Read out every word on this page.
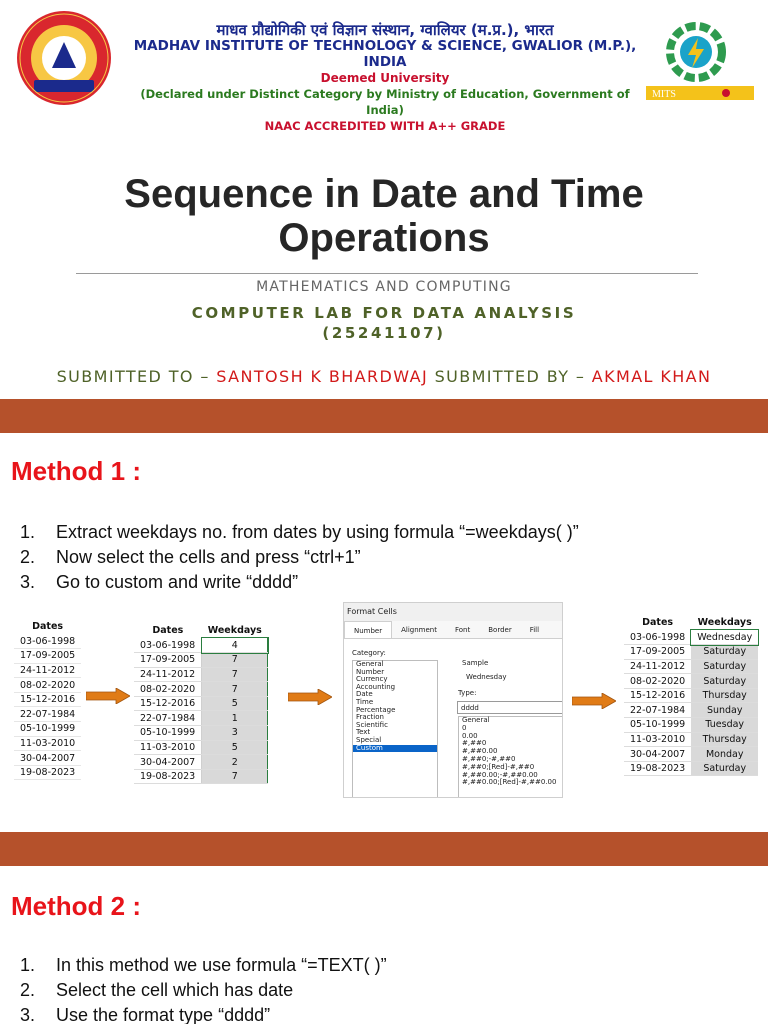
माधव प्रौद्योगिकी एवं विज्ञान संस्थान, ग्वालियर (म.प्र.), भारत
MADHAV INSTITUTE OF TECHNOLOGY & SCIENCE, GWALIOR (M.P.), INDIA
Deemed University
(Declared under Distinct Category by Ministry of Education, Government of India)
NAAC ACCREDITED WITH A++ GRADE
MITS
Sequence in Date and Time Operations
MATHEMATICS AND COMPUTING
COMPUTER LAB FOR DATA ANALYSIS
(25241107)
SUBMITTED TO – SANTOSH K BHARDWAJ SUBMITTED BY – AKMAL KHAN
Method 1 :
1. Extract weekdays no. from dates by using formula “=weekdays( )”
2. Now select the cells and press “ctrl+1”
3. Go to custom and write “dddd”
Dates
03-06-1998
17-09-2005
24-11-2012
08-02-2020
15-12-2016
22-07-1984
05-10-1999
11-03-2010
30-04-2007
19-08-2023
Dates	Weekdays
03-06-1998	4
17-09-2005	7
24-11-2012	7
08-02-2020	7
15-12-2016	5
22-07-1984	1
05-10-1999	3
11-03-2010	5
30-04-2007	2
19-08-2023	7
Format Cells
Number	Alignment	Font	Border	Fill
Category:
General
Number
Currency
Accounting
Date
Time
Percentage
Fraction
Scientific
Text
Special
Custom
Sample
Wednesday
Type:
dddd
General
0
0.00
#,##0
#,##0.00
#,##0;-#,##0
#,##0;[Red]-#,##0
#,##0.00;-#,##0.00
#,##0.00;[Red]-#,##0.00
Dates	Weekdays
03-06-1998	Wednesday
17-09-2005	Saturday
24-11-2012	Saturday
08-02-2020	Saturday
15-12-2016	Thursday
22-07-1984	Sunday
05-10-1999	Tuesday
11-03-2010	Thursday
30-04-2007	Monday
19-08-2023	Saturday
Method 2 :
1. In this method we use formula “=TEXT( )”
2. Select the cell which has date
3. Use the format type “dddd”
